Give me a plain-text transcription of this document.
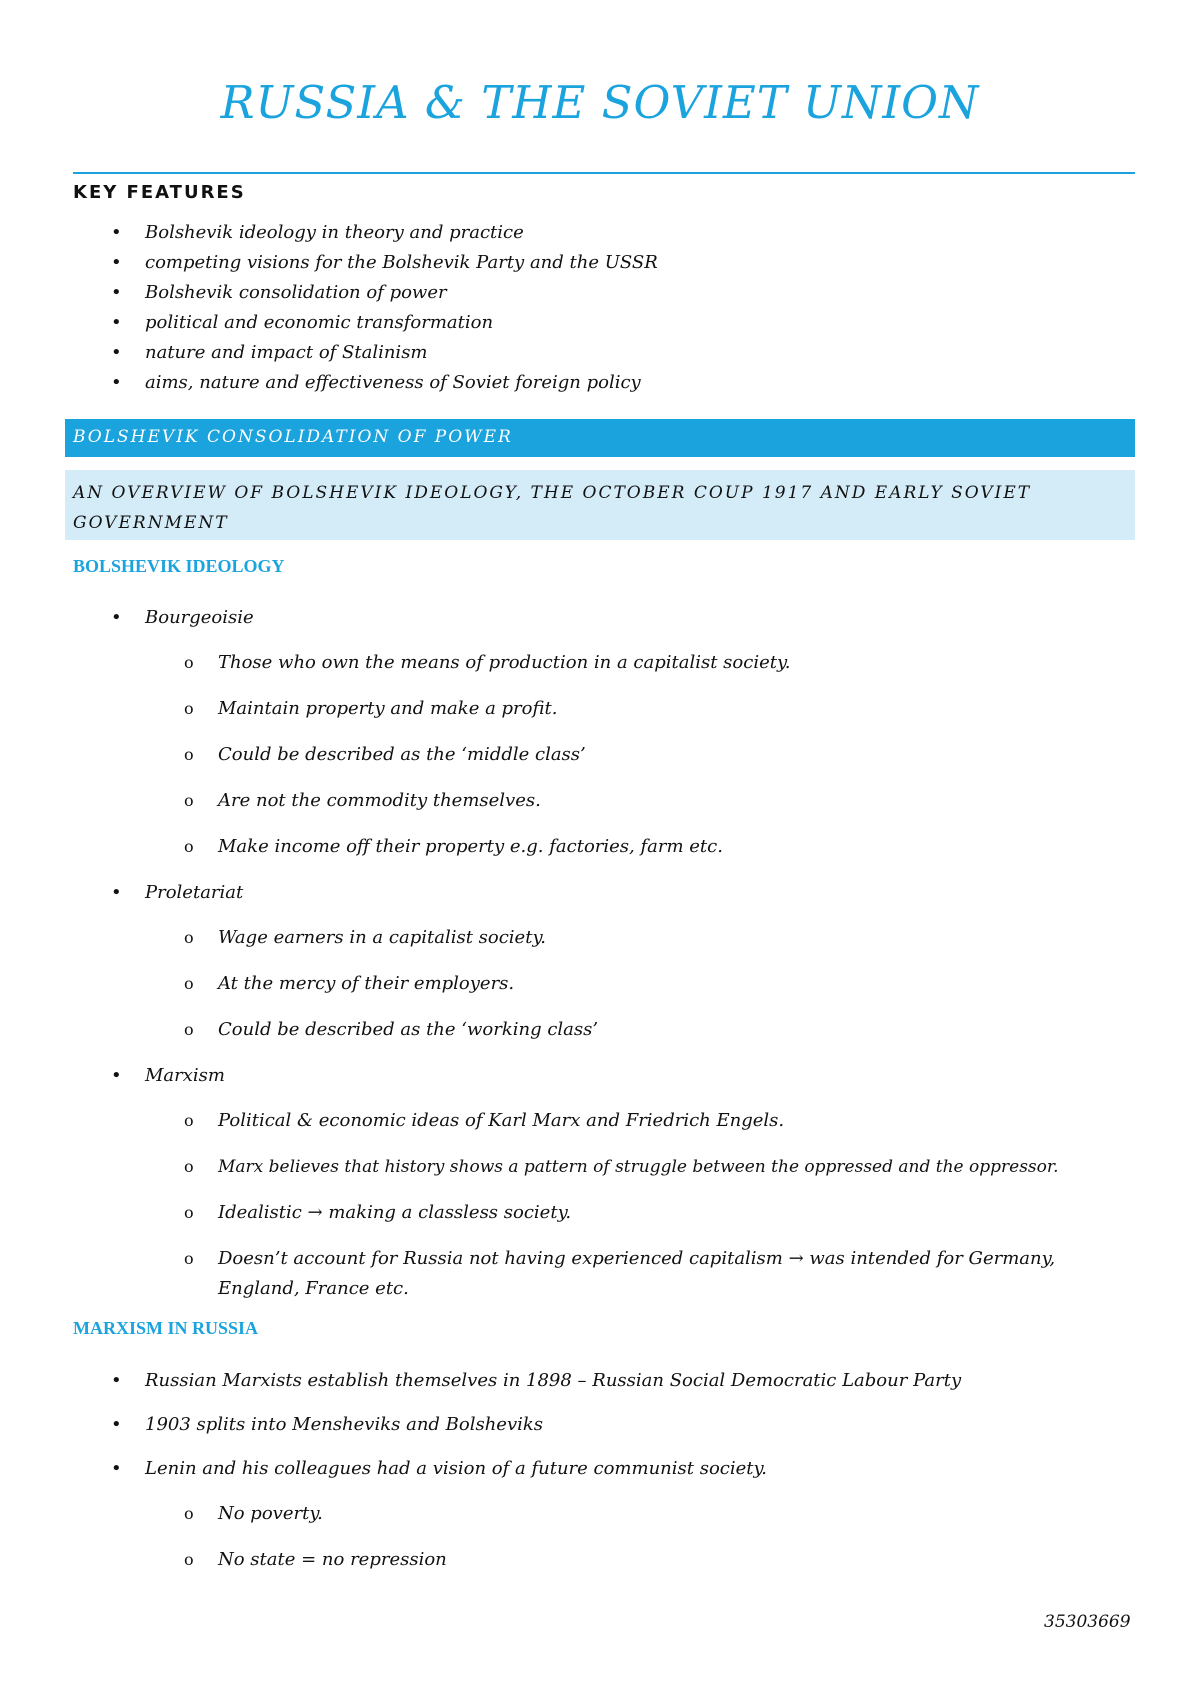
RUSSIA & THE SOVIET UNION
KEY FEATURES
• Bolshevik ideology in theory and practice
• competing visions for the Bolshevik Party and the USSR
• Bolshevik consolidation of power
• political and economic transformation
• nature and impact of Stalinism
• aims, nature and effectiveness of Soviet foreign policy
BOLSHEVIK CONSOLIDATION OF POWER
AN OVERVIEW OF BOLSHEVIK IDEOLOGY, THE OCTOBER COUP 1917 AND EARLY SOVIET GOVERNMENT
BOLSHEVIK IDEOLOGY
• Bourgeoisie
o Those who own the means of production in a capitalist society.
o Maintain property and make a profit.
o Could be described as the ‘middle class’
o Are not the commodity themselves.
o Make income off their property e.g. factories, farm etc.
• Proletariat
o Wage earners in a capitalist society.
o At the mercy of their employers.
o Could be described as the ‘working class’
• Marxism
o Political & economic ideas of Karl Marx and Friedrich Engels.
o Marx believes that history shows a pattern of struggle between the oppressed and the oppressor.
o Idealistic → making a classless society.
o Doesn’t account for Russia not having experienced capitalism → was intended for Germany, England, France etc.
MARXISM IN RUSSIA
• Russian Marxists establish themselves in 1898 – Russian Social Democratic Labour Party
• 1903 splits into Mensheviks and Bolsheviks
• Lenin and his colleagues had a vision of a future communist society.
o No poverty.
o No state = no repression
35303669
